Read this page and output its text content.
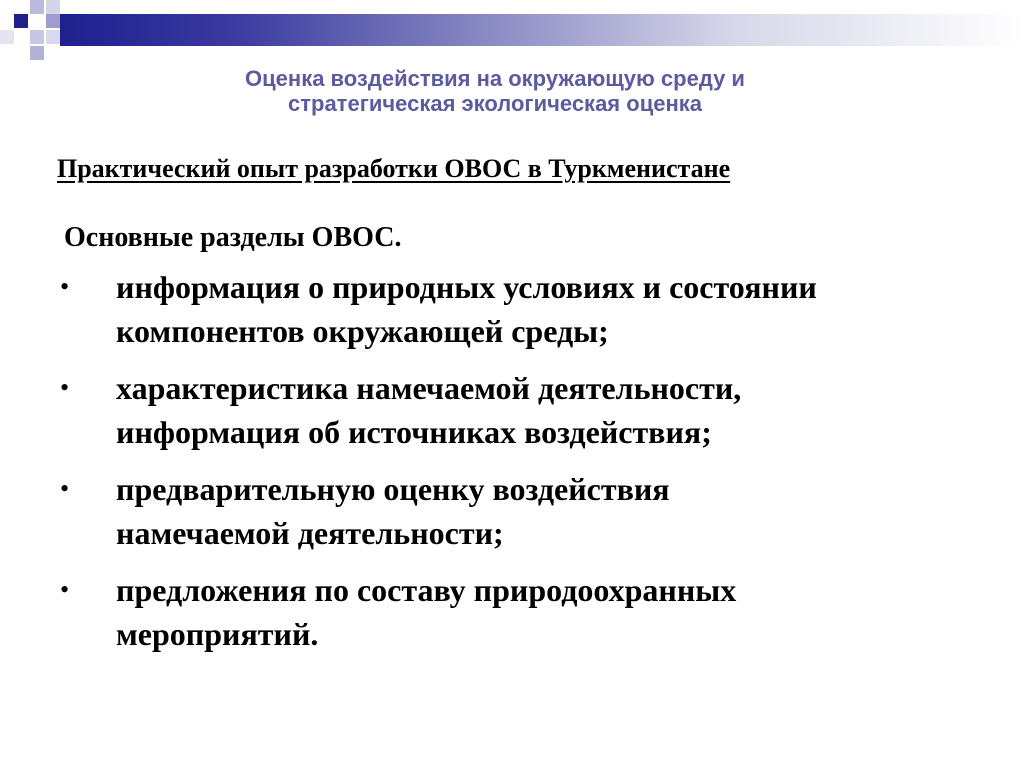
Оценка воздействия на окружающую среду и
стратегическая экологическая оценка
Практический опыт разработки ОВОС в Туркменистане
Основные разделы ОВОС.
• информация о природных условиях и состоянии
компонентов окружающей среды;
• характеристика намечаемой деятельности,
информация об источниках воздействия;
• предварительную оценку воздействия
намечаемой деятельности;
• предложения по составу природоохранных
мероприятий.
